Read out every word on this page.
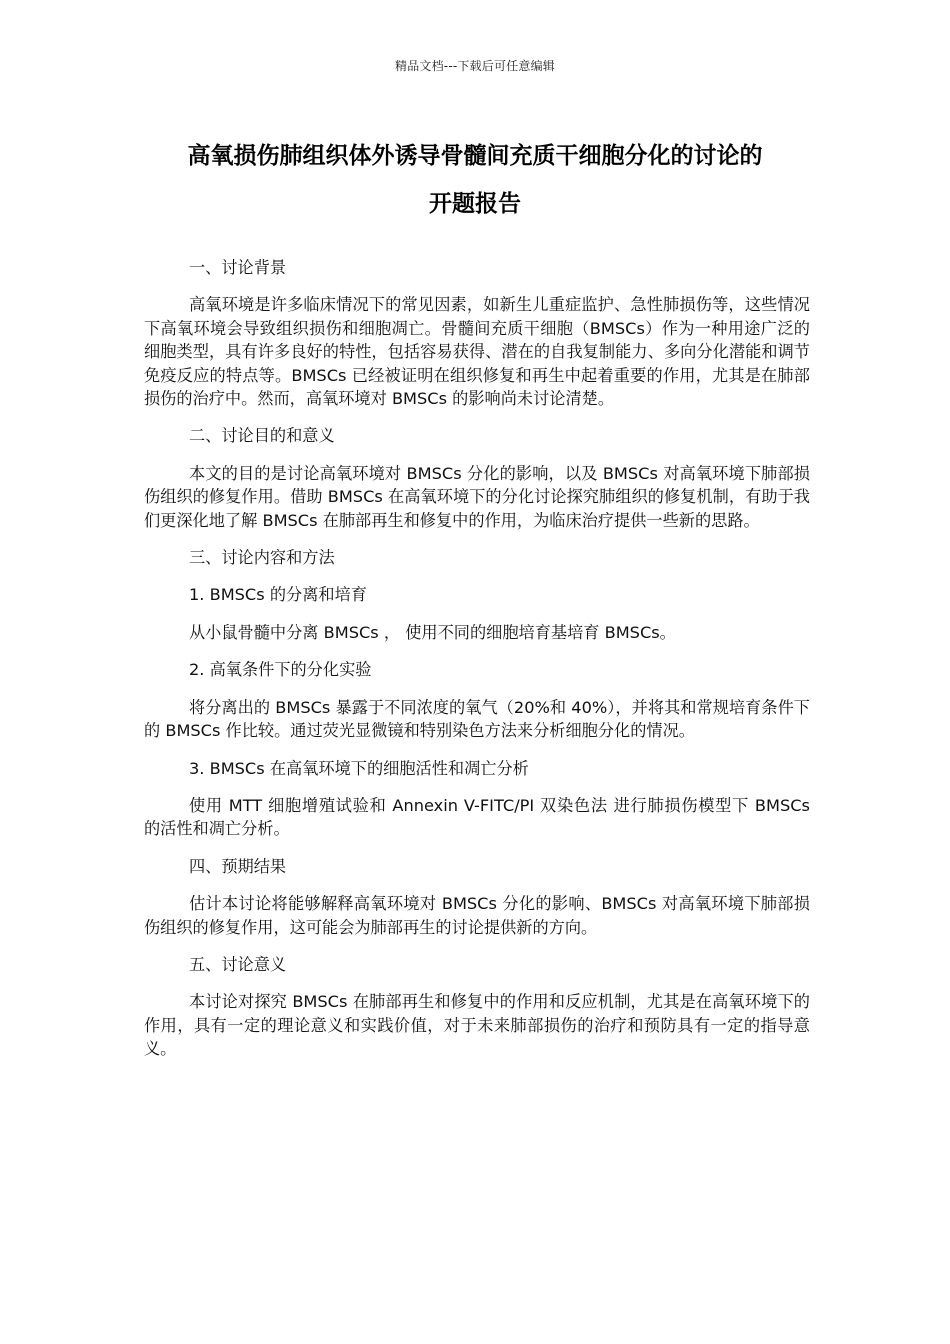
精品文档---下载后可任意编辑
高氧损伤肺组织体外诱导骨髓间充质干细胞分化的讨论的
开题报告

一、讨论背景

高氧环境是许多临床情况下的常见因素，如新生儿重症监护、急性肺损伤等，这些情况下高氧环境会导致组织损伤和细胞凋亡。骨髓间充质干细胞（BMSCs）作为一种用途广泛的细胞类型，具有许多良好的特性，包括容易获得、潜在的自我复制能力、多向分化潜能和调节免疫反应的特点等。BMSCs 已经被证明在组织修复和再生中起着重要的作用，尤其是在肺部损伤的治疗中。然而，高氧环境对 BMSCs 的影响尚未讨论清楚。

二、讨论目的和意义

本文的目的是讨论高氧环境对 BMSCs 分化的影响，以及 BMSCs 对高氧环境下肺部损伤组织的修复作用。借助 BMSCs 在高氧环境下的分化讨论探究肺组织的修复机制，有助于我们更深化地了解 BMSCs 在肺部再生和修复中的作用，为临床治疗提供一些新的思路。

三、讨论内容和方法

1. BMSCs 的分离和培育

从小鼠骨髓中分离 BMSCs ， 使用不同的细胞培育基培育 BMSCs。

2. 高氧条件下的分化实验

将分离出的 BMSCs 暴露于不同浓度的氧气（20%和 40%），并将其和常规培育条件下的 BMSCs 作比较。通过荧光显微镜和特别染色方法来分析细胞分化的情况。

3. BMSCs 在高氧环境下的细胞活性和凋亡分析

使用 MTT 细胞增殖试验和 Annexin V-FITC/PI 双染色法 进行肺损伤模型下 BMSCs 的活性和凋亡分析。

四、预期结果

估计本讨论将能够解释高氧环境对 BMSCs 分化的影响、BMSCs 对高氧环境下肺部损伤组织的修复作用，这可能会为肺部再生的讨论提供新的方向。

五、讨论意义

本讨论对探究 BMSCs 在肺部再生和修复中的作用和反应机制，尤其是在高氧环境下的作用，具有一定的理论意义和实践价值，对于未来肺部损伤的治疗和预防具有一定的指导意义。
